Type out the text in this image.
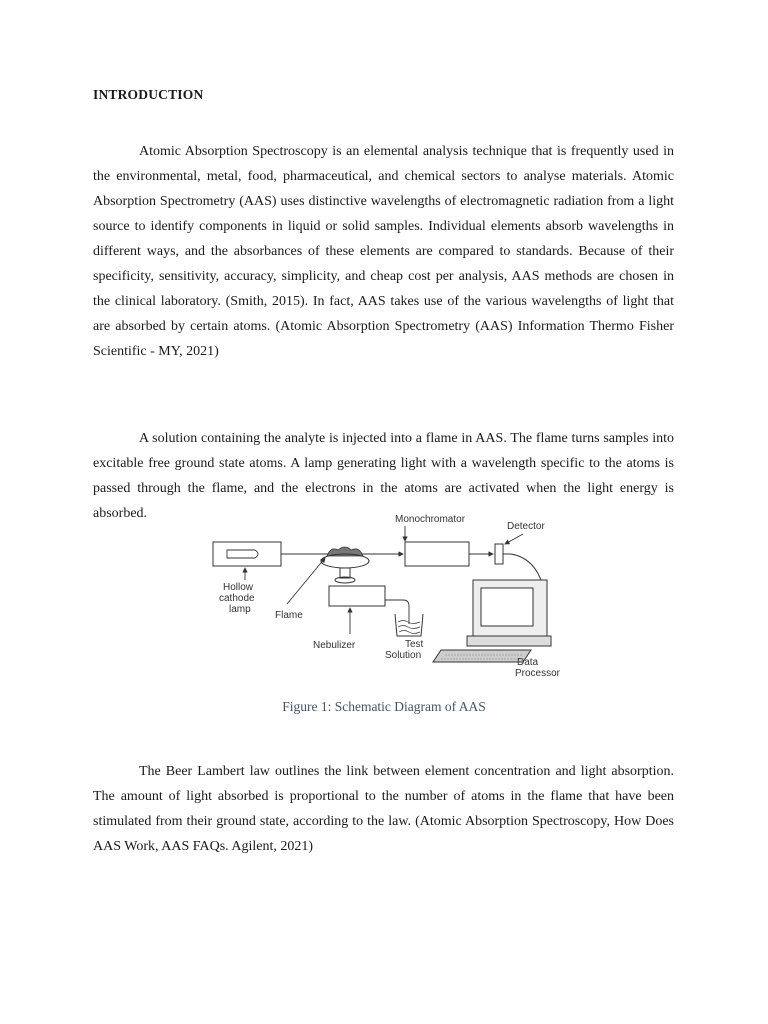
INTRODUCTION

Atomic Absorption Spectroscopy is an elemental analysis technique that is frequently used in the environmental, metal, food, pharmaceutical, and chemical sectors to analyse materials. Atomic Absorption Spectrometry (AAS) uses distinctive wavelengths of electromagnetic radiation from a light source to identify components in liquid or solid samples. Individual elements absorb wavelengths in different ways, and the absorbances of these elements are compared to standards. Because of their specificity, sensitivity, accuracy, simplicity, and cheap cost per analysis, AAS methods are chosen in the clinical laboratory. (Smith, 2015). In fact, AAS takes use of the various wavelengths of light that are absorbed by certain atoms. (Atomic Absorption Spectrometry (AAS) Information Thermo Fisher Scientific - MY, 2021)

A solution containing the analyte is injected into a flame in AAS. The flame turns samples into excitable free ground state atoms. A lamp generating light with a wavelength specific to the atoms is passed through the flame, and the electrons in the atoms are activated when the light energy is absorbed.	Monochromator
Detector
Hollow
cathode
lamp
Flame
Nebulizer	Test
Solution
Data
Processor
Figure 1: Schematic Diagram of AAS

The Beer Lambert law outlines the link between element concentration and light absorption. The amount of light absorbed is proportional to the number of atoms in the flame that have been stimulated from their ground state, according to the law. (Atomic Absorption Spectroscopy, How Does AAS Work, AAS FAQs. Agilent, 2021)
